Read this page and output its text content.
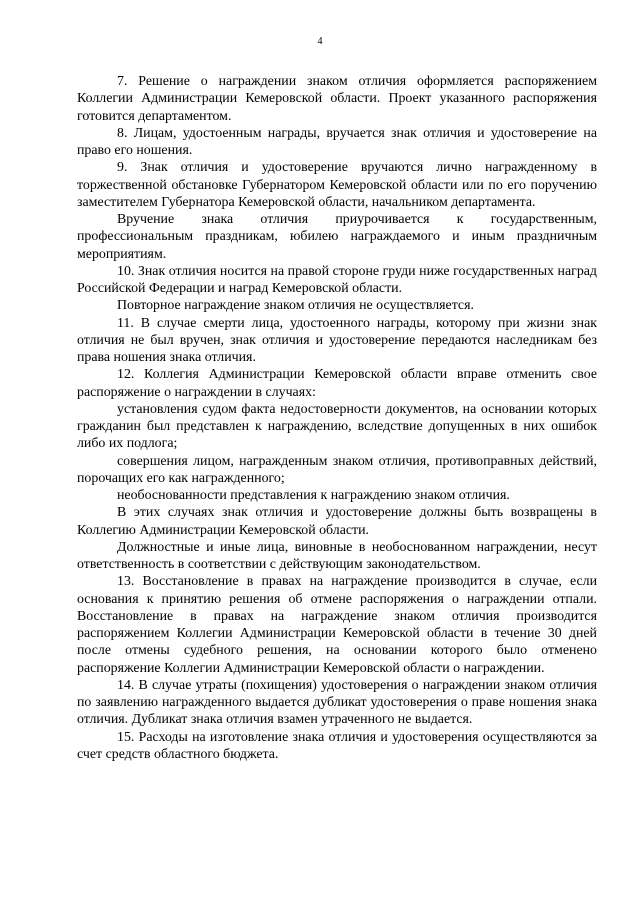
4

7. Решение о награждении знаком отличия оформляется распоряжением Коллегии Администрации Кемеровской области. Проект указанного распоряжения готовится департаментом.

8. Лицам, удостоенным награды, вручается знак отличия и удостоверение на право его ношения.

9. Знак отличия и удостоверение вручаются лично награжденному в торжественной обстановке Губернатором Кемеровской области или по его поручению заместителем Губернатора Кемеровской области, начальником департамента.

Вручение знака отличия приурочивается к государственным, профессиональным праздникам, юбилею награждаемого и иным праздничным мероприятиям.

10. Знак отличия носится на правой стороне груди ниже государственных наград Российской Федерации и наград Кемеровской области.

Повторное награждение знаком отличия не осуществляется.

11. В случае смерти лица, удостоенного награды, которому при жизни знак отличия не был вручен, знак отличия и удостоверение передаются наследникам без права ношения знака отличия.

12. Коллегия Администрации Кемеровской области вправе отменить свое распоряжение о награждении в случаях:

установления судом факта недостоверности документов, на основании которых гражданин был представлен к награждению, вследствие допущенных в них ошибок либо их подлога;

совершения лицом, награжденным знаком отличия, противоправных действий, порочащих его как награжденного;

необоснованности представления к награждению знаком отличия.

В этих случаях знак отличия и удостоверение должны быть возвращены в Коллегию Администрации Кемеровской области.

Должностные и иные лица, виновные в необоснованном награждении, несут ответственность в соответствии с действующим законодательством.

13. Восстановление в правах на награждение производится в случае, если основания к принятию решения об отмене распоряжения о награждении отпали. Восстановление в правах на награждение знаком отличия производится распоряжением Коллегии Администрации Кемеровской области в течение 30 дней после отмены судебного решения, на основании которого было отменено распоряжение Коллегии Администрации Кемеровской области о награждении.

14. В случае утраты (похищения) удостоверения о награждении знаком отличия по заявлению награжденного выдается дубликат удостоверения о праве ношения знака отличия. Дубликат знака отличия взамен утраченного не выдается.

15. Расходы на изготовление знака отличия и удостоверения осуществляются за счет средств областного бюджета.
